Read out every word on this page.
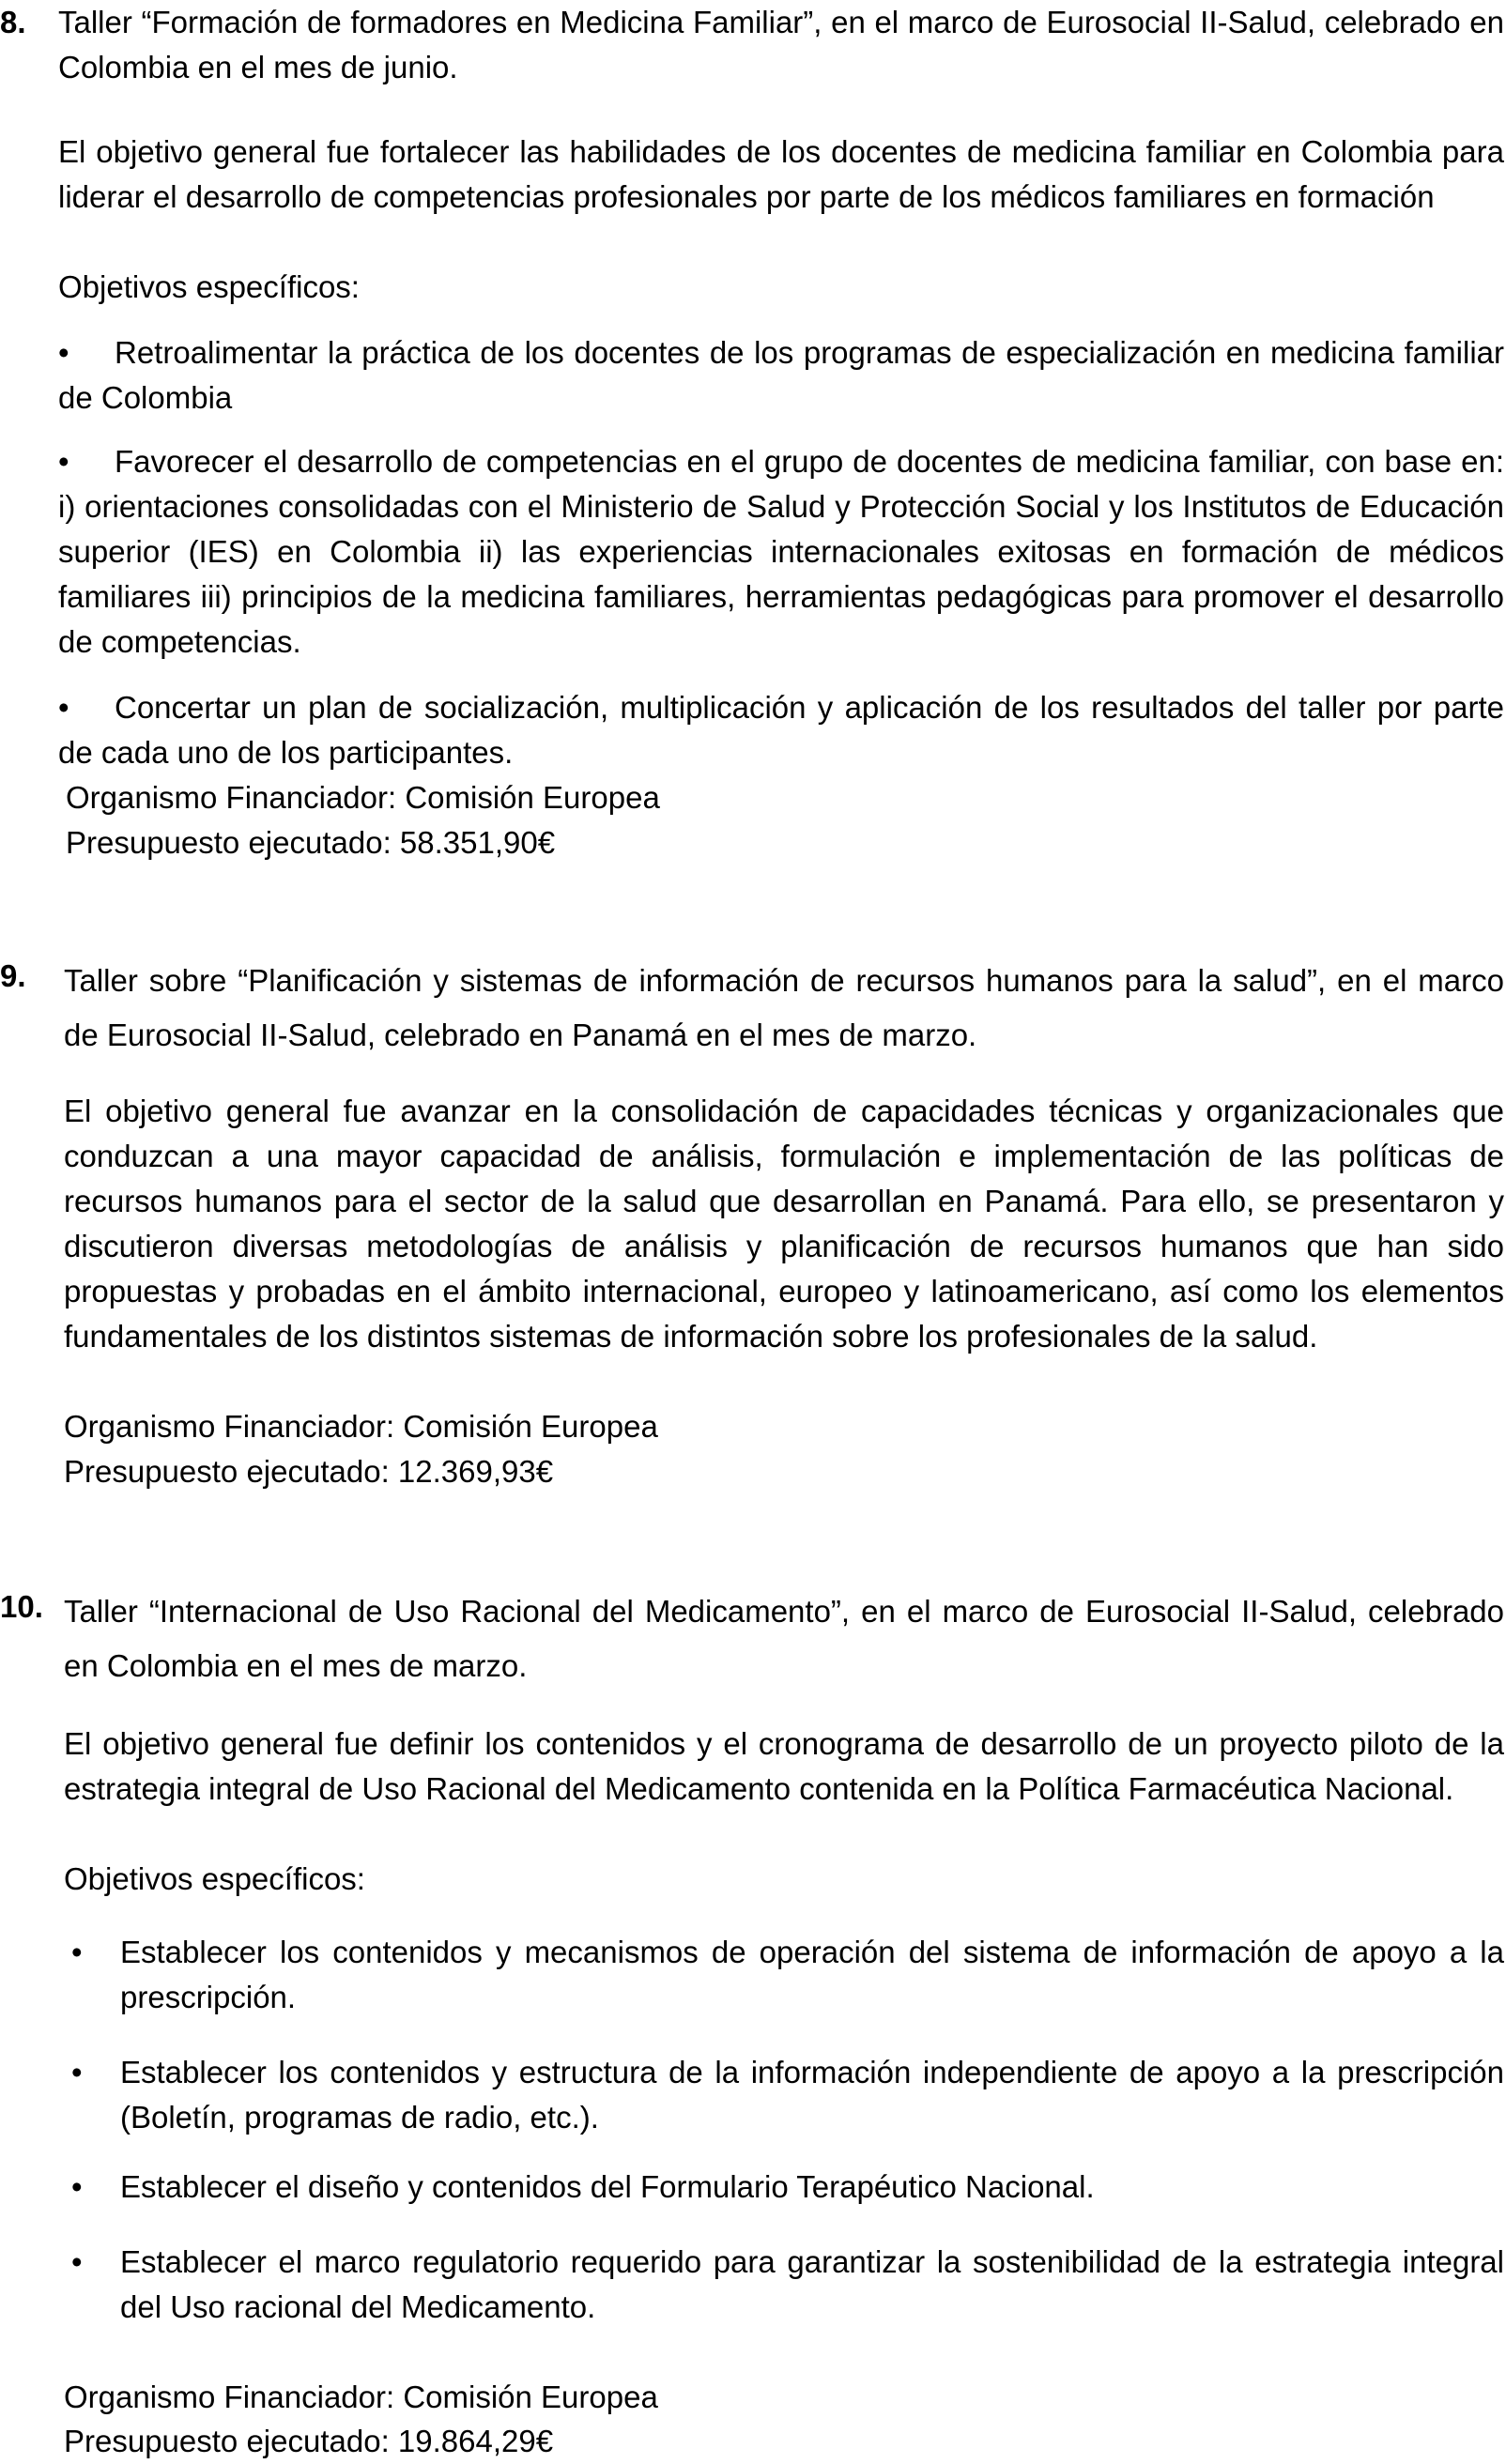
8. Taller “Formación de formadores en Medicina Familiar”, en el marco de Eurosocial II-Salud, celebrado en Colombia en el mes de junio.
El objetivo general fue fortalecer las habilidades de los docentes de medicina familiar en Colombia para liderar el desarrollo de competencias profesionales por parte de los médicos familiares en formación
Objetivos específicos:
•	Retroalimentar la práctica de los docentes de los programas de especialización en medicina familiar de Colombia
•	Favorecer el desarrollo de competencias en el grupo de docentes de medicina familiar, con base en: i) orientaciones consolidadas con el Ministerio de Salud y Protección Social y los Institutos de Educación superior (IES) en Colombia ii) las experiencias internacionales exitosas en formación de médicos familiares iii) principios de la medicina familiares, herramientas pedagógicas para promover el desarrollo de competencias.
•	Concertar un plan de socialización, multiplicación y aplicación de los resultados del taller por parte de cada uno de los participantes.
Organismo Financiador: Comisión Europea
Presupuesto ejecutado: 58.351,90€
9. Taller sobre “Planificación y sistemas de información de recursos humanos para la salud”, en el marco de Eurosocial II-Salud, celebrado en Panamá en el mes de marzo.
El objetivo general fue avanzar en la consolidación de capacidades técnicas y organizacionales que conduzcan a una mayor capacidad de análisis, formulación e implementación de las políticas de recursos humanos para el sector de la salud que desarrollan en Panamá. Para ello, se presentaron y discutieron diversas metodologías de análisis y planificación de recursos humanos que han sido propuestas y probadas en el ámbito internacional, europeo y latinoamericano, así como los elementos fundamentales de los distintos sistemas de información sobre los profesionales de la salud.
Organismo Financiador: Comisión Europea
Presupuesto ejecutado: 12.369,93€
10. Taller “Internacional de Uso Racional del Medicamento”, en el marco de Eurosocial II-Salud, celebrado en Colombia en el mes de marzo.
El objetivo general fue definir los contenidos y el cronograma de desarrollo de un proyecto piloto de la estrategia integral de Uso Racional del Medicamento contenida en la Política Farmacéutica Nacional.
Objetivos específicos:
• Establecer los contenidos y mecanismos de operación del sistema de información de apoyo a la prescripción.
• Establecer los contenidos y estructura de la información independiente de apoyo a la prescripción (Boletín, programas de radio, etc.).
• Establecer el diseño y contenidos del Formulario Terapéutico Nacional.
• Establecer el marco regulatorio requerido para garantizar la sostenibilidad de la estrategia integral del Uso racional del Medicamento.
Organismo Financiador: Comisión Europea
Presupuesto ejecutado: 19.864,29€
